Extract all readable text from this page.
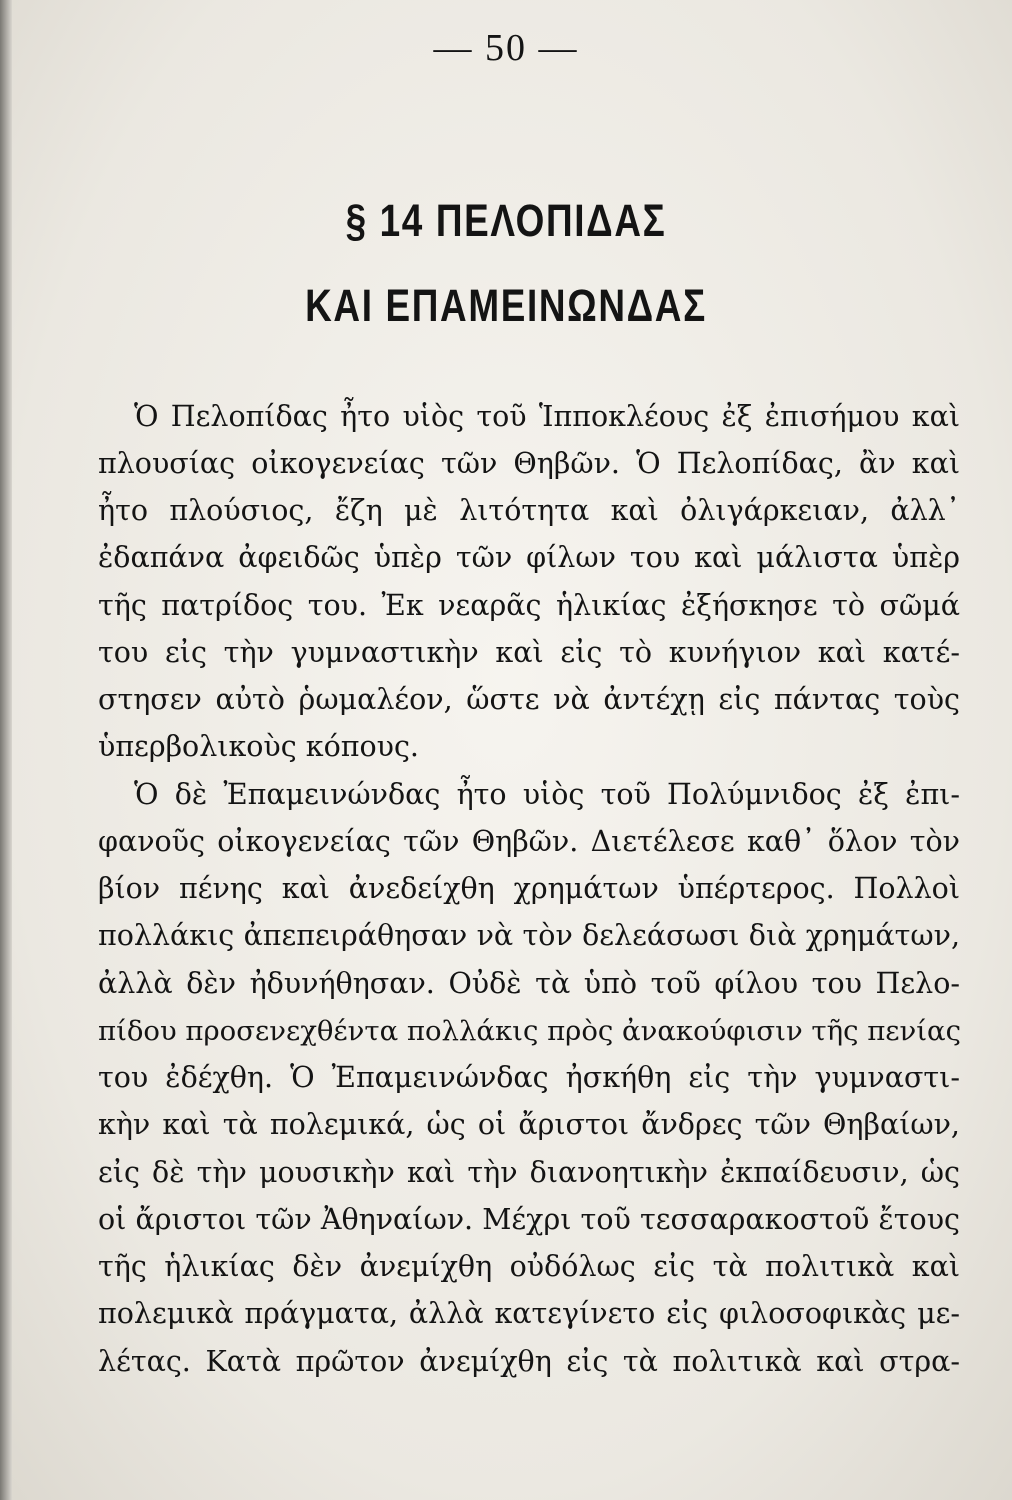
— 50 —
§ 14 ΠΕΛΟΠΙΔΑΣ
ΚΑΙ ΕΠΑΜΕΙΝΩΝΔΑΣ
Ὁ Πελοπίδας ἦτο υἱὸς τοῦ Ἱπποκλέους ἐξ ἐπισήμου καὶ
πλουσίας οἰκογενείας τῶν Θηβῶν. Ὁ Πελοπίδας, ἂν καὶ
ἦτο πλούσιος, ἔζη μὲ λιτότητα καὶ ὀλιγάρκειαν, ἀλλ᾿
ἐδαπάνα ἀφειδῶς ὑπὲρ τῶν φίλων του καὶ μάλιστα ὑπὲρ
τῆς πατρίδος του. Ἐκ νεαρᾶς ἡλικίας ἐξήσκησε τὸ σῶμά
του εἰς τὴν γυμναστικὴν καὶ εἰς τὸ κυνήγιον καὶ κατέ-
στησεν αὐτὸ ῥωμαλέον, ὥστε νὰ ἀντέχῃ εἰς πάντας τοὺς
ὑπερβολικοὺς κόπους.
Ὁ δὲ Ἐπαμεινώνδας ἦτο υἱὸς τοῦ Πολύμνιδος ἐξ ἐπι-
φανοῦς οἰκογενείας τῶν Θηβῶν. Διετέλεσε καθ᾿ ὅλον τὸν
βίον πένης καὶ ἀνεδείχθη χρημάτων ὑπέρτερος. Πολλοὶ
πολλάκις ἀπεπειράθησαν νὰ τὸν δελεάσωσι διὰ χρημάτων,
ἀλλὰ δὲν ἠδυνήθησαν. Οὐδὲ τὰ ὑπὸ τοῦ φίλου του Πελο-
πίδου προσενεχθέντα πολλάκις πρὸς ἀνακούφισιν τῆς πενίας
του ἐδέχθη. Ὁ Ἐπαμεινώνδας ἠσκήθη εἰς τὴν γυμναστι-
κὴν καὶ τὰ πολεμικά, ὡς οἱ ἄριστοι ἄνδρες τῶν Θηβαίων,
εἰς δὲ τὴν μουσικὴν καὶ τὴν διανοητικὴν ἐκπαίδευσιν, ὡς
οἱ ἄριστοι τῶν Ἀθηναίων. Μέχρι τοῦ τεσσαρακοστοῦ ἔτους
τῆς ἡλικίας δὲν ἀνεμίχθη οὐδόλως εἰς τὰ πολιτικὰ καὶ
πολεμικὰ πράγματα, ἀλλὰ κατεγίνετο εἰς φιλοσοφικὰς με-
λέτας. Κατὰ πρῶτον ἀνεμίχθη εἰς τὰ πολιτικὰ καὶ στρα-
